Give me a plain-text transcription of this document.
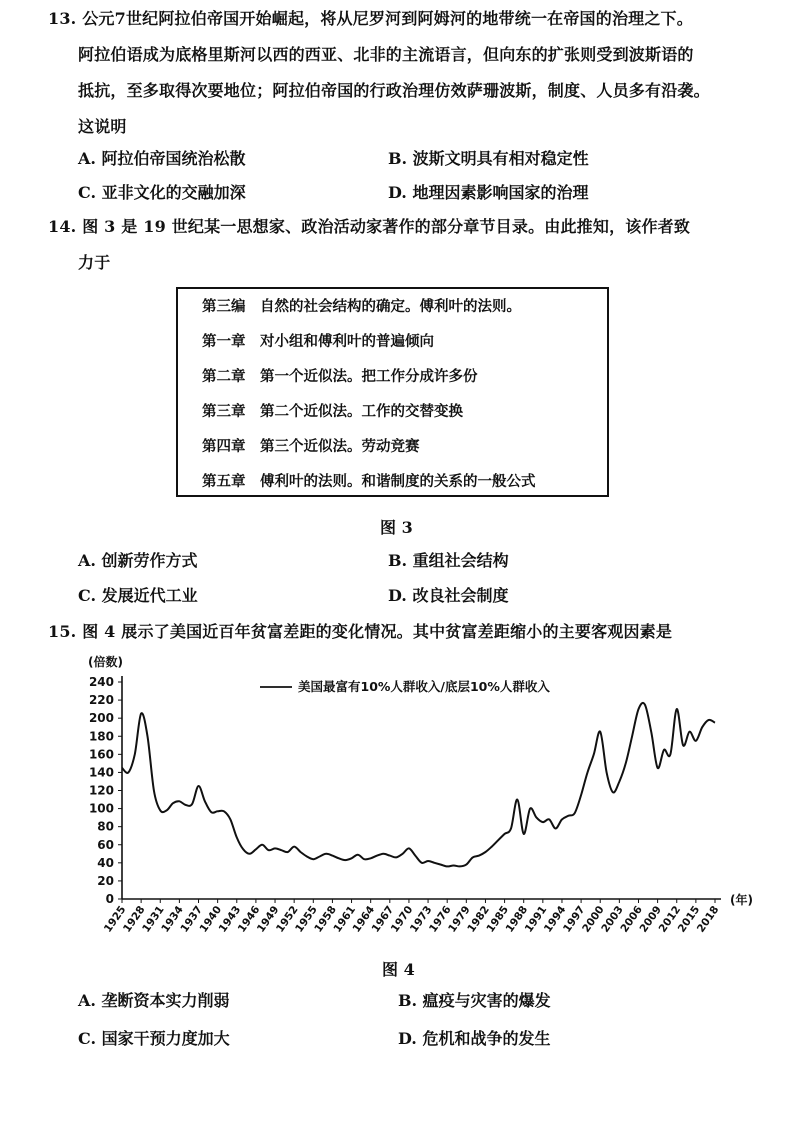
13. 公元7世纪阿拉伯帝国开始崛起，将从尼罗河到阿姆河的地带统一在帝国的治理之下。
阿拉伯语成为底格里斯河以西的西亚、北非的主流语言，但向东的扩张则受到波斯语的
抵抗，至多取得次要地位；阿拉伯帝国的行政治理仿效萨珊波斯，制度、人员多有沿袭。
这说明
A. 阿拉伯帝国统治松散	B. 波斯文明具有相对稳定性
C. 亚非文化的交融加深	D. 地理因素影响国家的治理
14. 图 3 是 19 世纪某一思想家、政治活动家著作的部分章节目录。由此推知，该作者致
力于
第三编 自然的社会结构的确定。傅利叶的法则。
第一章 对小组和傅利叶的普遍倾向
第二章 第一个近似法。把工作分成许多份
第三章 第二个近似法。工作的交替变换
第四章 第三个近似法。劳动竞赛
第五章 傅利叶的法则。和谐制度的关系的一般公式
图 3
A. 创新劳作方式	B. 重组社会结构
C. 发展近代工业	D. 改良社会制度
15. 图 4 展示了美国近百年贫富差距的变化情况。其中贫富差距缩小的主要客观因素是
0
20
40
60
80
100
120
140
160
180
200
220
240
1925
1928
1931
1934
1937
1940
1943
1946
1949
1952
1955
1958
1961
1964
1967
1970
1973
1976
1979
1982
1985
1988
1991
1994
1997
2000
2003
2006
2009
2012
2015
2018
(倍数)
(年)
美国最富有10%人群收入/底层10%人群收入
图 4
A. 垄断资本实力削弱	B. 瘟疫与灾害的爆发
C. 国家干预力度加大	D. 危机和战争的发生
